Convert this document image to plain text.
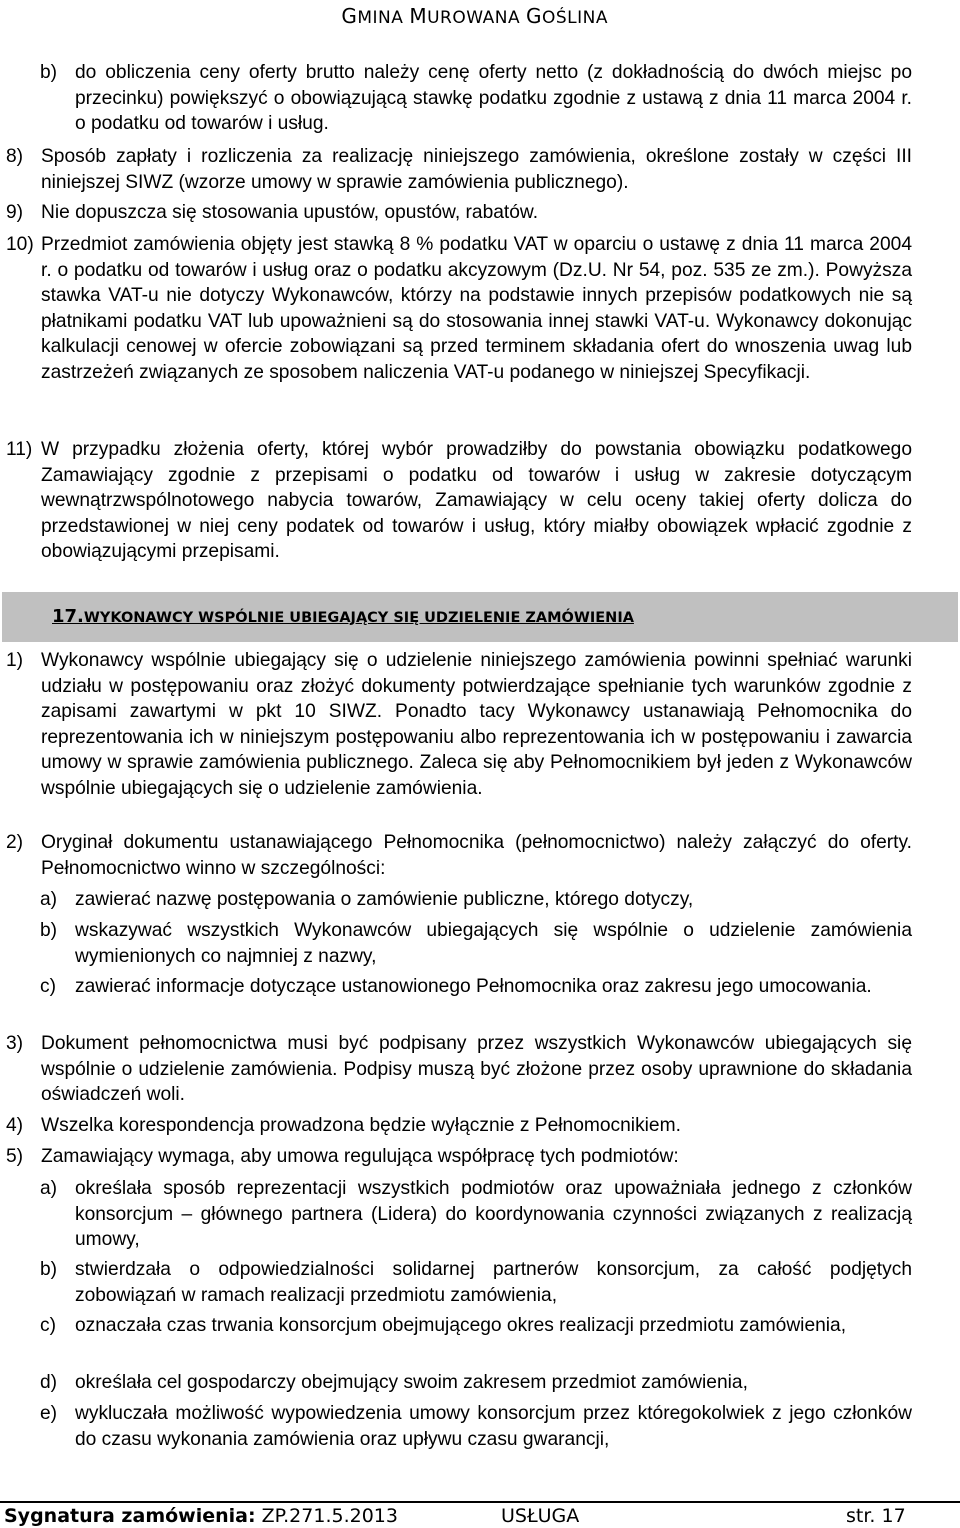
GMINA MUROWANA GOŚLINA
b) do obliczenia ceny oferty brutto należy cenę oferty netto (z dokładnością do dwóch miejsc po przecinku) powiększyć o obowiązującą stawkę podatku zgodnie z ustawą z dnia 11 marca 2004 r. o podatku od towarów i usług.
8) Sposób zapłaty i rozliczenia za realizację niniejszego zamówienia, określone zostały w części III niniejszej SIWZ (wzorze umowy w sprawie zamówienia publicznego).
9) Nie dopuszcza się stosowania upustów, opustów, rabatów.
10) Przedmiot zamówienia objęty jest stawką 8 % podatku VAT w oparciu o ustawę z dnia 11 marca 2004 r. o podatku od towarów i usług oraz o podatku akcyzowym (Dz.U. Nr 54, poz. 535 ze zm.). Powyższa stawka VAT-u nie dotyczy Wykonawców, którzy na podstawie innych przepisów podatkowych nie są płatnikami podatku VAT lub upoważnieni są do stosowania innej stawki VAT-u. Wykonawcy dokonując kalkulacji cenowej w ofercie zobowiązani są przed terminem składania ofert do wnoszenia uwag lub zastrzeżeń związanych ze sposobem naliczenia VAT-u podanego w niniejszej Specyfikacji.
11) W przypadku złożenia oferty, której wybór prowadziłby do powstania obowiązku podatkowego Zamawiający zgodnie z przepisami o podatku od towarów i usług w zakresie dotyczącym wewnątrzwspólnotowego nabycia towarów, Zamawiający w celu oceny takiej oferty dolicza do przedstawionej w niej ceny podatek od towarów i usług, który miałby obowiązek wpłacić zgodnie z obowiązującymi przepisami.
17.WYKONAWCY WSPÓLNIE UBIEGAJĄCY SIĘ UDZIELENIE ZAMÓWIENIA
1) Wykonawcy wspólnie ubiegający się o udzielenie niniejszego zamówienia powinni spełniać warunki udziału w postępowaniu oraz złożyć dokumenty potwierdzające spełnianie tych warunków zgodnie z zapisami zawartymi w pkt 10 SIWZ. Ponadto tacy Wykonawcy ustanawiają Pełnomocnika do reprezentowania ich w niniejszym postępowaniu albo reprezentowania ich w postępowaniu i zawarcia umowy w sprawie zamówienia publicznego. Zaleca się aby Pełnomocnikiem był jeden z Wykonawców wspólnie ubiegających się o udzielenie zamówienia.
2) Oryginał dokumentu ustanawiającego Pełnomocnika (pełnomocnictwo) należy załączyć do oferty. Pełnomocnictwo winno w szczególności:
a) zawierać nazwę postępowania o zamówienie publiczne, którego dotyczy,
b) wskazywać wszystkich Wykonawców ubiegających się wspólnie o udzielenie zamówienia wymienionych co najmniej z nazwy,
c) zawierać informacje dotyczące ustanowionego Pełnomocnika oraz zakresu jego umocowania.
3) Dokument pełnomocnictwa musi być podpisany przez wszystkich Wykonawców ubiegających się wspólnie o udzielenie zamówienia. Podpisy muszą być złożone przez osoby uprawnione do składania oświadczeń woli.
4) Wszelka korespondencja prowadzona będzie wyłącznie z Pełnomocnikiem.
5) Zamawiający wymaga, aby umowa regulująca współpracę tych podmiotów:
a) określała sposób reprezentacji wszystkich podmiotów oraz upoważniała jednego z członków konsorcjum – głównego partnera (Lidera) do koordynowania czynności związanych z realizacją umowy,
b) stwierdzała o odpowiedzialności solidarnej partnerów konsorcjum, za całość podjętych zobowiązań w ramach realizacji przedmiotu zamówienia,
c) oznaczała czas trwania konsorcjum obejmującego okres realizacji przedmiotu zamówienia,
d) określała cel gospodarczy obejmujący swoim zakresem przedmiot zamówienia,
e) wykluczała możliwość wypowiedzenia umowy konsorcjum przez któregokolwiek z jego członków do czasu wykonania zamówienia oraz upływu czasu gwarancji,
Sygnatura zamówienia: ZP.271.5.2013	USŁUGA	str. 17
